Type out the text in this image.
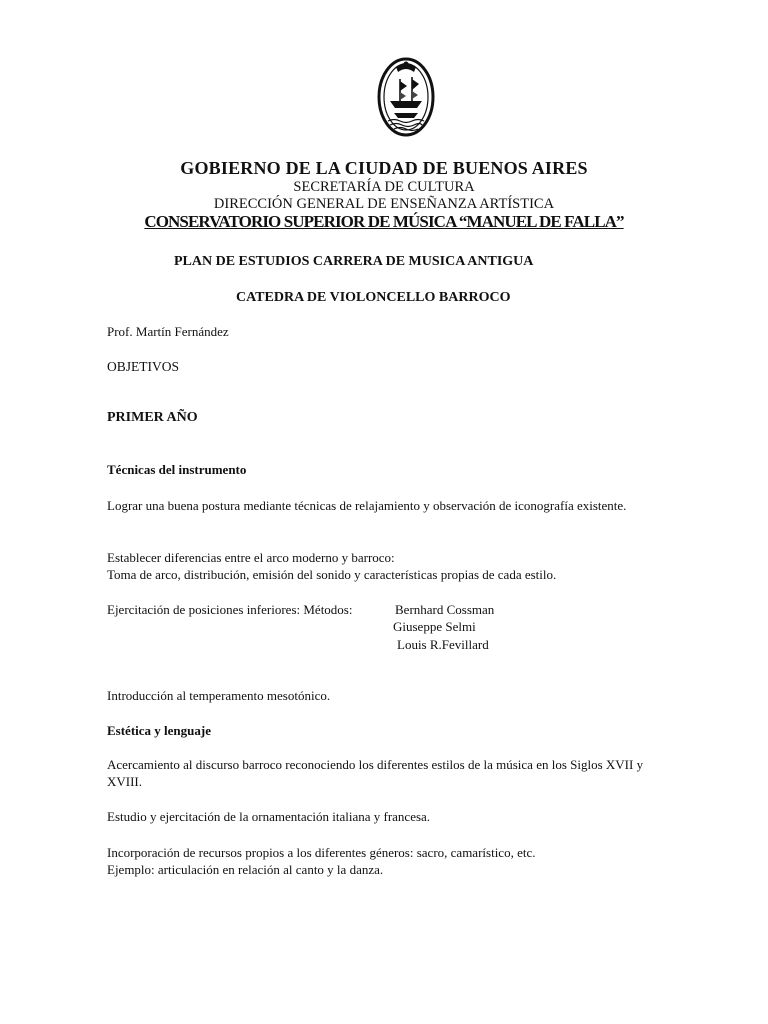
GOBIERNO DE LA CIUDAD DE BUENOS AIRES
SECRETARÍA DE CULTURA
DIRECCIÓN GENERAL DE ENSEÑANZA ARTÍSTICA
CONSERVATORIO SUPERIOR DE MÚSICA “MANUEL DE FALLA”
PLAN DE ESTUDIOS CARRERA DE MUSICA ANTIGUA
CATEDRA DE VIOLONCELLO BARROCO
Prof. Martín Fernández
OBJETIVOS
PRIMER AÑO
Técnicas del instrumento
Lograr una buena postura mediante técnicas de relajamiento y observación de iconografía existente.
Establecer diferencias entre el arco moderno y barroco:
Toma de arco, distribución, emisión del sonido y características propias de cada estilo.
Ejercitación de posiciones inferiores: Métodos:	Bernhard Cossman
Giuseppe Selmi
Louis R.Fevillard
Introducción al temperamento mesotónico.
Estética y lenguaje
Acercamiento al discurso barroco reconociendo los diferentes estilos de la música en los Siglos XVII y XVIII.
Estudio y ejercitación de la ornamentación italiana y francesa.
Incorporación de recursos propios a los diferentes géneros: sacro, camarístico, etc.
Ejemplo: articulación en relación al canto y la danza.
